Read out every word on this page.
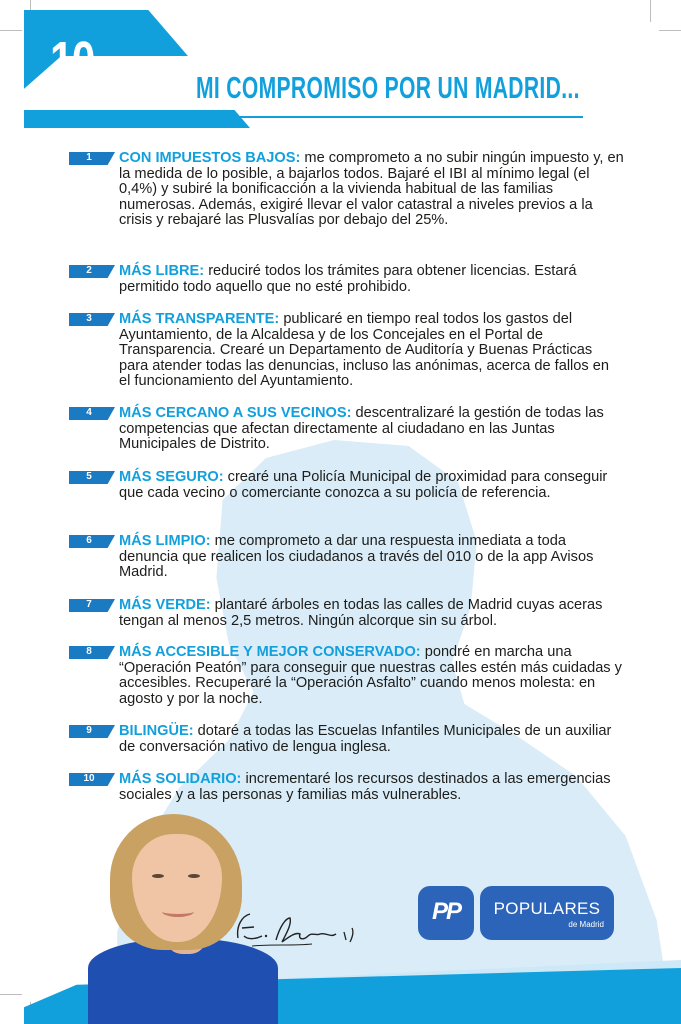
10	MI COMPROMISO POR UN MADRID...
1	CON IMPUESTOS BAJOS: me comprometo a no subir ningún impuesto y, en la medida de lo posible, a bajarlos todos. Bajaré el IBI al mínimo legal (el 0,4%) y subiré la bonificacción a la vivienda habitual de las familias numerosas. Además, exigiré llevar el valor catastral a niveles previos a la crisis y rebajaré las Plusvalías por debajo del 25%.

2	MÁS LIBRE: reduciré todos los trámites para obtener licencias. Estará permitido todo aquello que no esté prohibido.

3	MÁS TRANSPARENTE: publicaré en tiempo real todos los gastos del Ayuntamiento, de la Alcaldesa y de los Concejales en el Portal de Transparencia. Crearé un Departamento de Auditoría y Buenas Prácticas para atender todas las denuncias, incluso las anónimas, acerca de fallos en el funcionamiento del Ayuntamiento.

4	MÁS CERCANO A SUS VECINOS: descentralizaré la gestión de todas las competencias que afectan directamente al ciudadano en las Juntas Municipales de Distrito.

5	MÁS SEGURO: crearé una Policía Municipal de proximidad para conseguir que cada vecino o comerciante conozca a su policía de referencia.

6	MÁS LIMPIO: me comprometo a dar una respuesta inmediata a toda denuncia que realicen los ciudadanos a través del 010 o de la app Avisos Madrid.

7	MÁS VERDE: plantaré árboles en todas las calles de Madrid cuyas aceras tengan al menos 2,5 metros. Ningún alcorque sin su árbol.

8	MÁS ACCESIBLE Y MEJOR CONSERVADO: pondré en marcha una “Operación Peatón” para conseguir que nuestras calles estén más cuidadas y accesibles. Recuperaré la “Operación Asfalto” cuando menos molesta: en agosto y por la noche.

9	BILINGÜE: dotaré a todas las Escuelas Infantiles Municipales de un auxiliar de conversación nativo de lengua inglesa.

10	MÁS SOLIDARIO: incrementaré los recursos destinados a las emergencias sociales y a las personas y familias más vulnerables.

PP	POPULARES
de Madrid
